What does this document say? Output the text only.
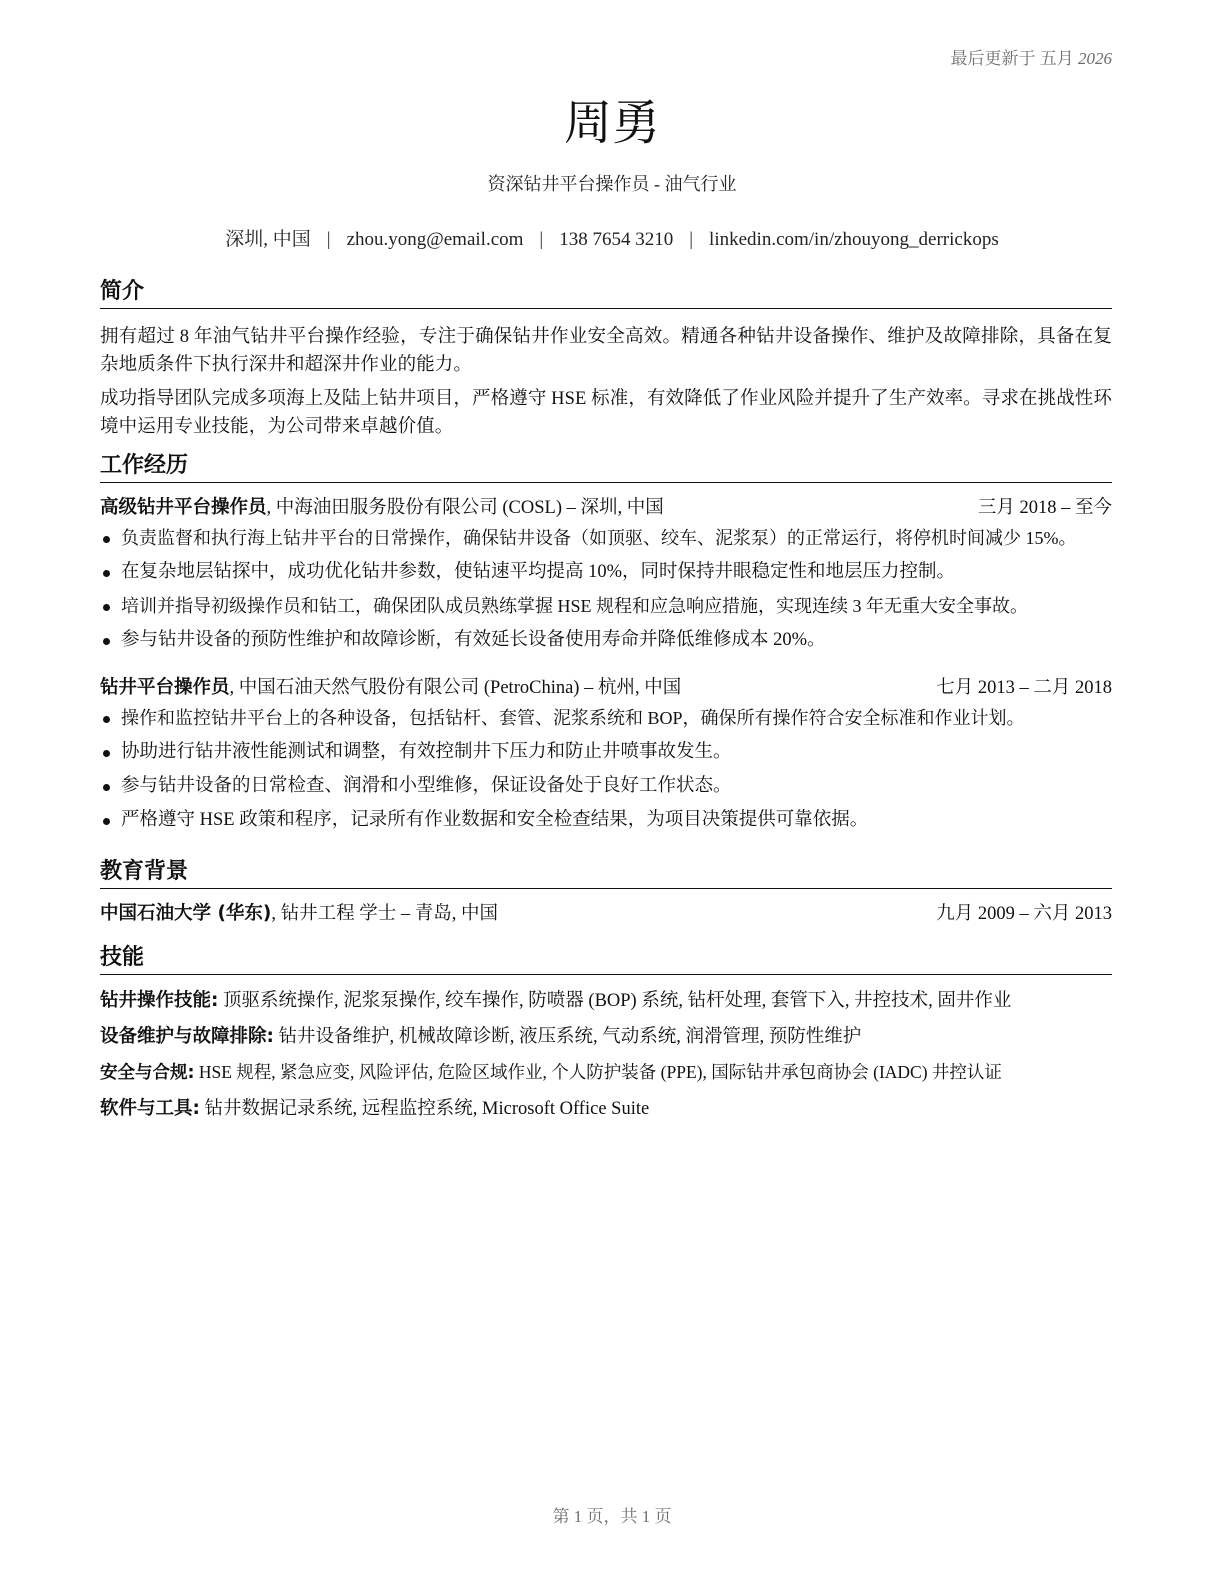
最后更新于 五月 2026
周勇
资深钻井平台操作员 - 油气行业
深圳, 中国 | zhou.yong@email.com | 138 7654 3210 | linkedin.com/in/zhouyong_derrickops
简介

拥有超过 8 年油气钻井平台操作经验，专注于确保钻井作业安全高效。精通各种钻井设备操作、维护及故障排除，具备在复杂地质条件下执行深井和超深井作业的能力。

成功指导团队完成多项海上及陆上钻井项目，严格遵守 HSE 标准，有效降低了作业风险并提升了生产效率。寻求在挑战性环境中运用专业技能，为公司带来卓越价值。

工作经历
高级钻井平台操作员, 中海油田服务股份有限公司 (COSL) – 深圳, 中国	三月 2018 – 至今
负责监督和执行海上钻井平台的日常操作，确保钻井设备（如顶驱、绞车、泥浆泵）的正常运行，将停机时间减少 15%。
在复杂地层钻探中，成功优化钻井参数，使钻速平均提高 10%，同时保持井眼稳定性和地层压力控制。
培训并指导初级操作员和钻工，确保团队成员熟练掌握 HSE 规程和应急响应措施，实现连续 3 年无重大安全事故。
参与钻井设备的预防性维护和故障诊断，有效延长设备使用寿命并降低维修成本 20%。
钻井平台操作员, 中国石油天然气股份有限公司 (PetroChina) – 杭州, 中国	七月 2013 – 二月 2018
操作和监控钻井平台上的各种设备，包括钻杆、套管、泥浆系统和 BOP，确保所有操作符合安全标准和作业计划。
协助进行钻井液性能测试和调整，有效控制井下压力和防止井喷事故发生。
参与钻井设备的日常检查、润滑和小型维修，保证设备处于良好工作状态。
严格遵守 HSE 政策和程序，记录所有作业数据和安全检查结果，为项目决策提供可靠依据。
教育背景
中国石油大学 (华东), 钻井工程 学士 – 青岛, 中国	九月 2009 – 六月 2013
技能
钻井操作技能: 顶驱系统操作, 泥浆泵操作, 绞车操作, 防喷器 (BOP) 系统, 钻杆处理, 套管下入, 井控技术, 固井作业
设备维护与故障排除: 钻井设备维护, 机械故障诊断, 液压系统, 气动系统, 润滑管理, 预防性维护
安全与合规: HSE 规程, 紧急应变, 风险评估, 危险区域作业, 个人防护装备 (PPE), 国际钻井承包商协会 (IADC) 井控认证
软件与工具: 钻井数据记录系统, 远程监控系统, Microsoft Office Suite
第 1 页，共 1 页
